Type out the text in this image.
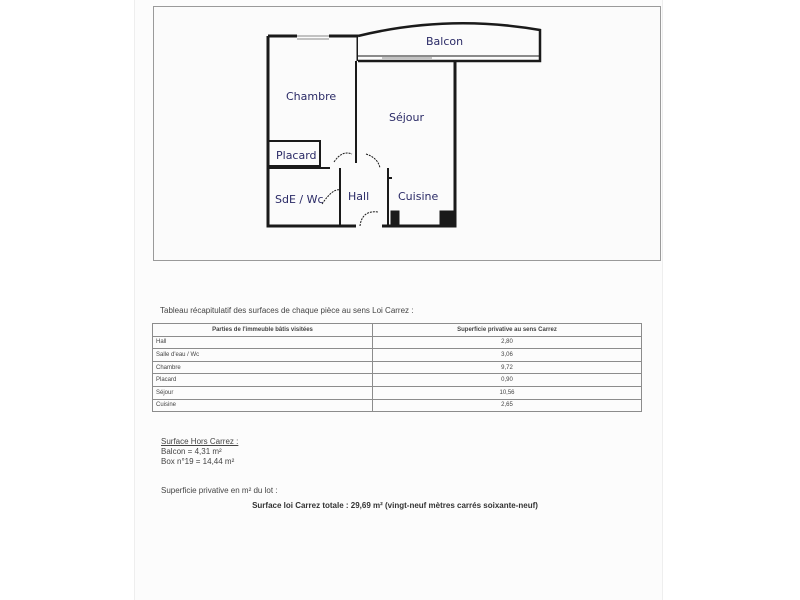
Balcon
Chambre
Séjour
Placard
SdE / Wc Hall	Cuisine
Tableau récapitulatif des surfaces de chaque pièce au sens Loi Carrez :
Parties de l'immeuble bâtis visitées	Superficie privative au sens Carrez
Hall	2,80
Salle d'eau / Wc	3,06
Chambre	9,72
Placard	0,90
Séjour	10,56
Cuisine	2,65
Surface Hors Carrez :
Balcon = 4,31 m²
Box n°19 = 14,44 m²
Superficie privative en m² du lot :
Surface loi Carrez totale : 29,69 m² (vingt-neuf mètres carrés soixante-neuf)
